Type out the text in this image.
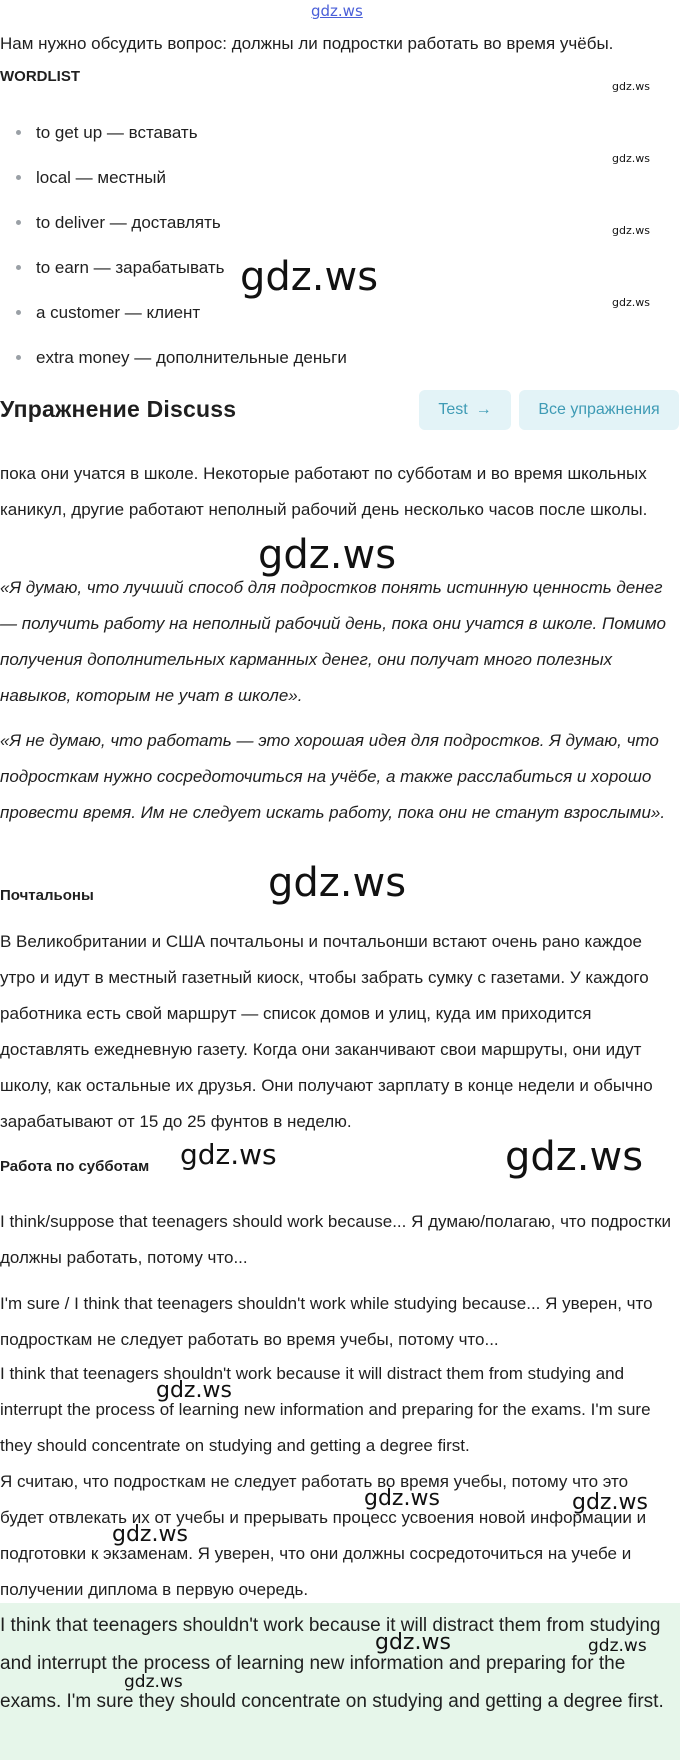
gdz.ws

Нам нужно обсудить вопрос: должны ли подростки работать во время учёбы.

WORDLIST
to get up — вставать
local — местный
to deliver — доставлять
to earn — зарабатывать
a customer — клиент
extra money — дополнительные деньги
gdz.ws
gdz.ws
gdz.ws
gdz.ws
gdz.ws
Упражнение Discuss	Test →	Все упражнения

пока они учатся в школе. Некоторые работают по субботам и во время школьных каникул, другие работают неполный рабочий день несколько часов после школы.

gdz.ws

«Я думаю, что лучший способ для подростков понять истинную ценность денег — получить работу на неполный рабочий день, пока они учатся в школе. Помимо получения дополнительных карманных денег, они получат много полезных навыков, которым не учат в школе».

«Я не думаю, что работать — это хорошая идея для подростков. Я думаю, что подросткам нужно сосредоточиться на учёбе, а также расслабиться и хорошо провести время. Им не следует искать работу, пока они не станут взрослыми».

Почтальоны	gdz.ws

В Великобритании и США почтальоны и почтальонши встают очень рано каждое утро и идут в местный газетный киоск, чтобы забрать сумку с газетами. У каждого работника есть свой маршрут — список домов и улиц, куда им приходится доставлять ежедневную газету. Когда они заканчивают свои маршруты, они идут школу, как остальные их друзья. Они получают зарплату в конце недели и обычно зарабатывают от 15 до 25 фунтов в неделю.

Работа по субботам gdz.ws	gdz.ws

I think/suppose that teenagers should work because... Я думаю/полагаю, что подростки должны работать, потому что...

I'm sure / I think that teenagers shouldn't work while studying because... Я уверен, что подросткам не следует работать во время учебы, потому что...

I think that teenagers shouldn't work because it will distract them from studying and interrupt the process of learning new information and preparing for the exams. I'm sure they should concentrate on studying and getting a degree first.

gdz.ws

Я считаю, что подросткам не следует работать во время учебы, потому что это будет отвлекать их от учебы и прерывать процесс усвоения новой информации и подготовки к экзаменам. Я уверен, что они должны сосредоточиться на учебе и получении диплома в первую очередь.

gdz.ws	gdz.ws
gdz.ws

I think that teenagers shouldn't work because it will distract them from studying and interrupt the process of learning new information and preparing for the exams. I'm sure they should concentrate on studying and getting a degree first.

gdz.ws	gdz.ws
gdz.ws
